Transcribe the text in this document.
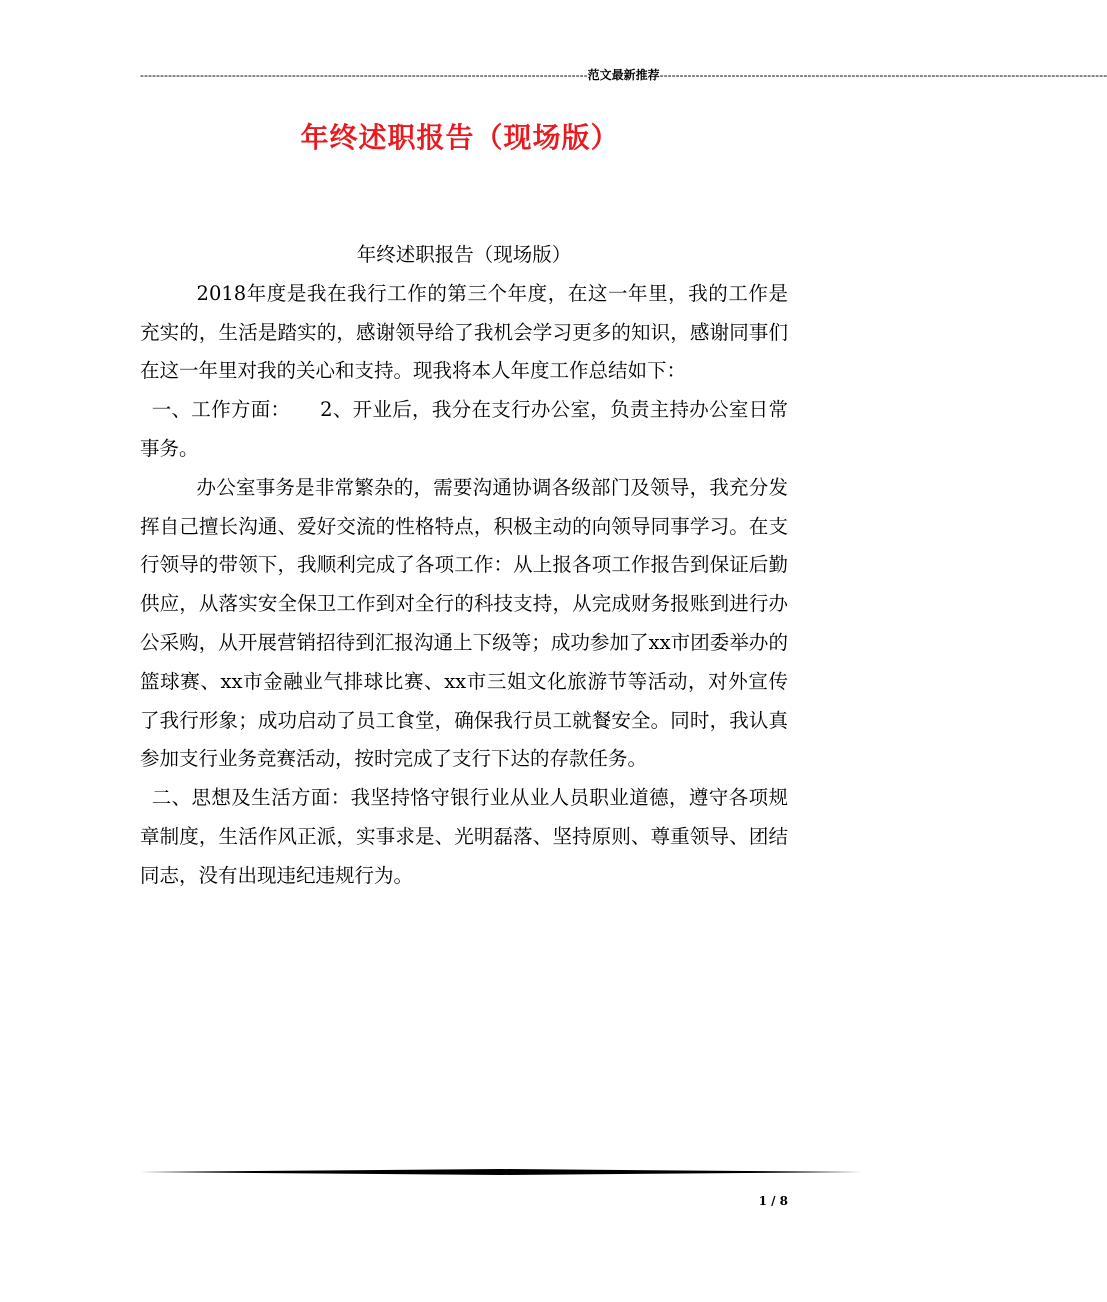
---------------------------------------------------------------------------------------------------------------- 范文最新推荐 ----------------------------------------------------------------------------------------------------------------
年终述职报告（现场版）

年终述职报告（现场版）

2018年度是我在我行工作的第三个年度，在这一年里，我的工作是充实的，生活是踏实的，感谢领导给了我机会学习更多的知识，感谢同事们在这一年里对我的关心和支持。现我将本人年度工作总结如下：

一、工作方面：　　2、开业后，我分在支行办公室，负责主持办公室日常事务。

办公室事务是非常繁杂的，需要沟通协调各级部门及领导，我充分发挥自己擅长沟通、爱好交流的性格特点，积极主动的向领导同事学习。在支行领导的带领下，我顺利完成了各项工作：从上报各项工作报告到保证后勤供应，从落实安全保卫工作到对全行的科技支持，从完成财务报账到进行办公采购，从开展营销招待到汇报沟通上下级等；成功参加了xx市团委举办的篮球赛、xx市金融业气排球比赛、xx市三姐文化旅游节等活动，对外宣传了我行形象；成功启动了员工食堂，确保我行员工就餐安全。同时，我认真参加支行业务竞赛活动，按时完成了支行下达的存款任务。

二、思想及生活方面：我坚持恪守银行业从业人员职业道德，遵守各项规章制度，生活作风正派，实事求是、光明磊落、坚持原则、尊重领导、团结同志，没有出现违纪违规行为。

1 / 8
